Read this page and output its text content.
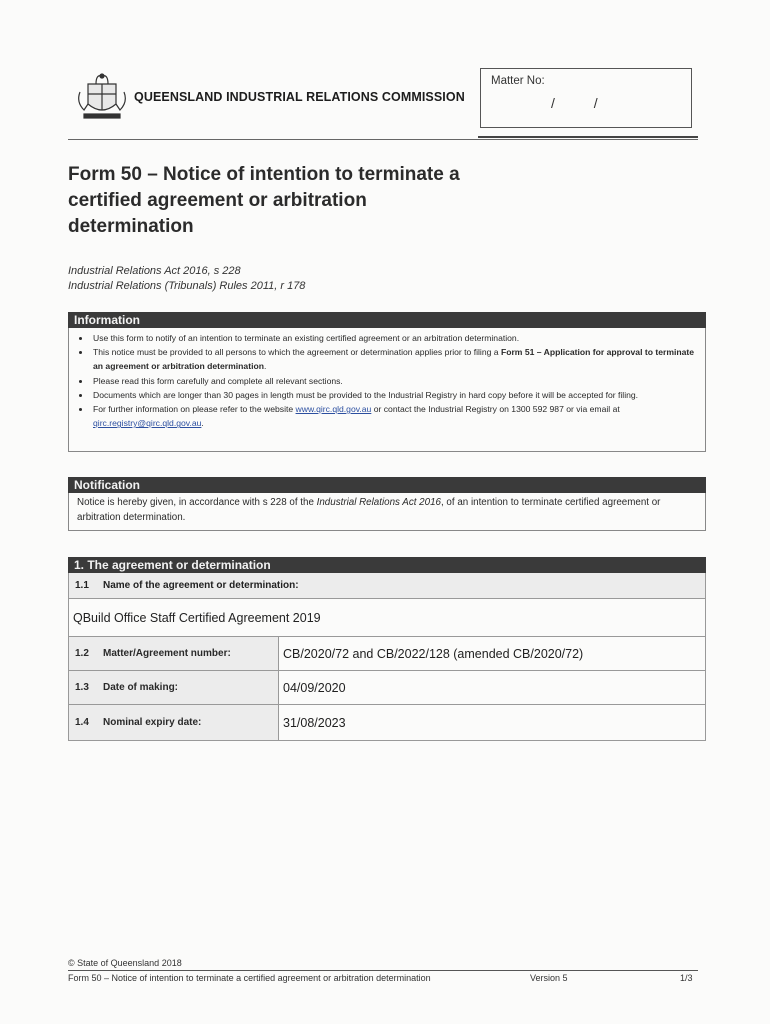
QUEENSLAND INDUSTRIAL RELATIONS COMMISSION
Matter No:
/          /
Form 50 – Notice of intention to terminate a certified agreement or arbitration determination
Industrial Relations Act 2016, s 228
Industrial Relations (Tribunals) Rules 2011, r 178
Information
• Use this form to notify of an intention to terminate an existing certified agreement or an arbitration determination.
• This notice must be provided to all persons to which the agreement or determination applies prior to filing a Form 51 – Application for approval to terminate an agreement or arbitration determination.
• Please read this form carefully and complete all relevant sections.
• Documents which are longer than 30 pages in length must be provided to the Industrial Registry in hard copy before it will be accepted for filing.
• For further information on please refer to the website www.qirc.qld.gov.au or contact the Industrial Registry on 1300 592 987 or via email at qirc.registry@qirc.qld.gov.au.
Notification
Notice is hereby given, in accordance with s 228 of the Industrial Relations Act 2016, of an intention to terminate certified agreement or arbitration determination.
1. The agreement or determination
1.1	Name of the agreement or determination:
QBuild Office Staff Certified Agreement 2019
1.2	Matter/Agreement number:	CB/2020/72 and CB/2022/128 (amended CB/2020/72)
1.3	Date of making:	04/09/2020
1.4	Nominal expiry date:	31/08/2023
© State of Queensland 2018
Form 50 – Notice of intention to terminate a certified agreement or arbitration determination	Version 5	1/3
